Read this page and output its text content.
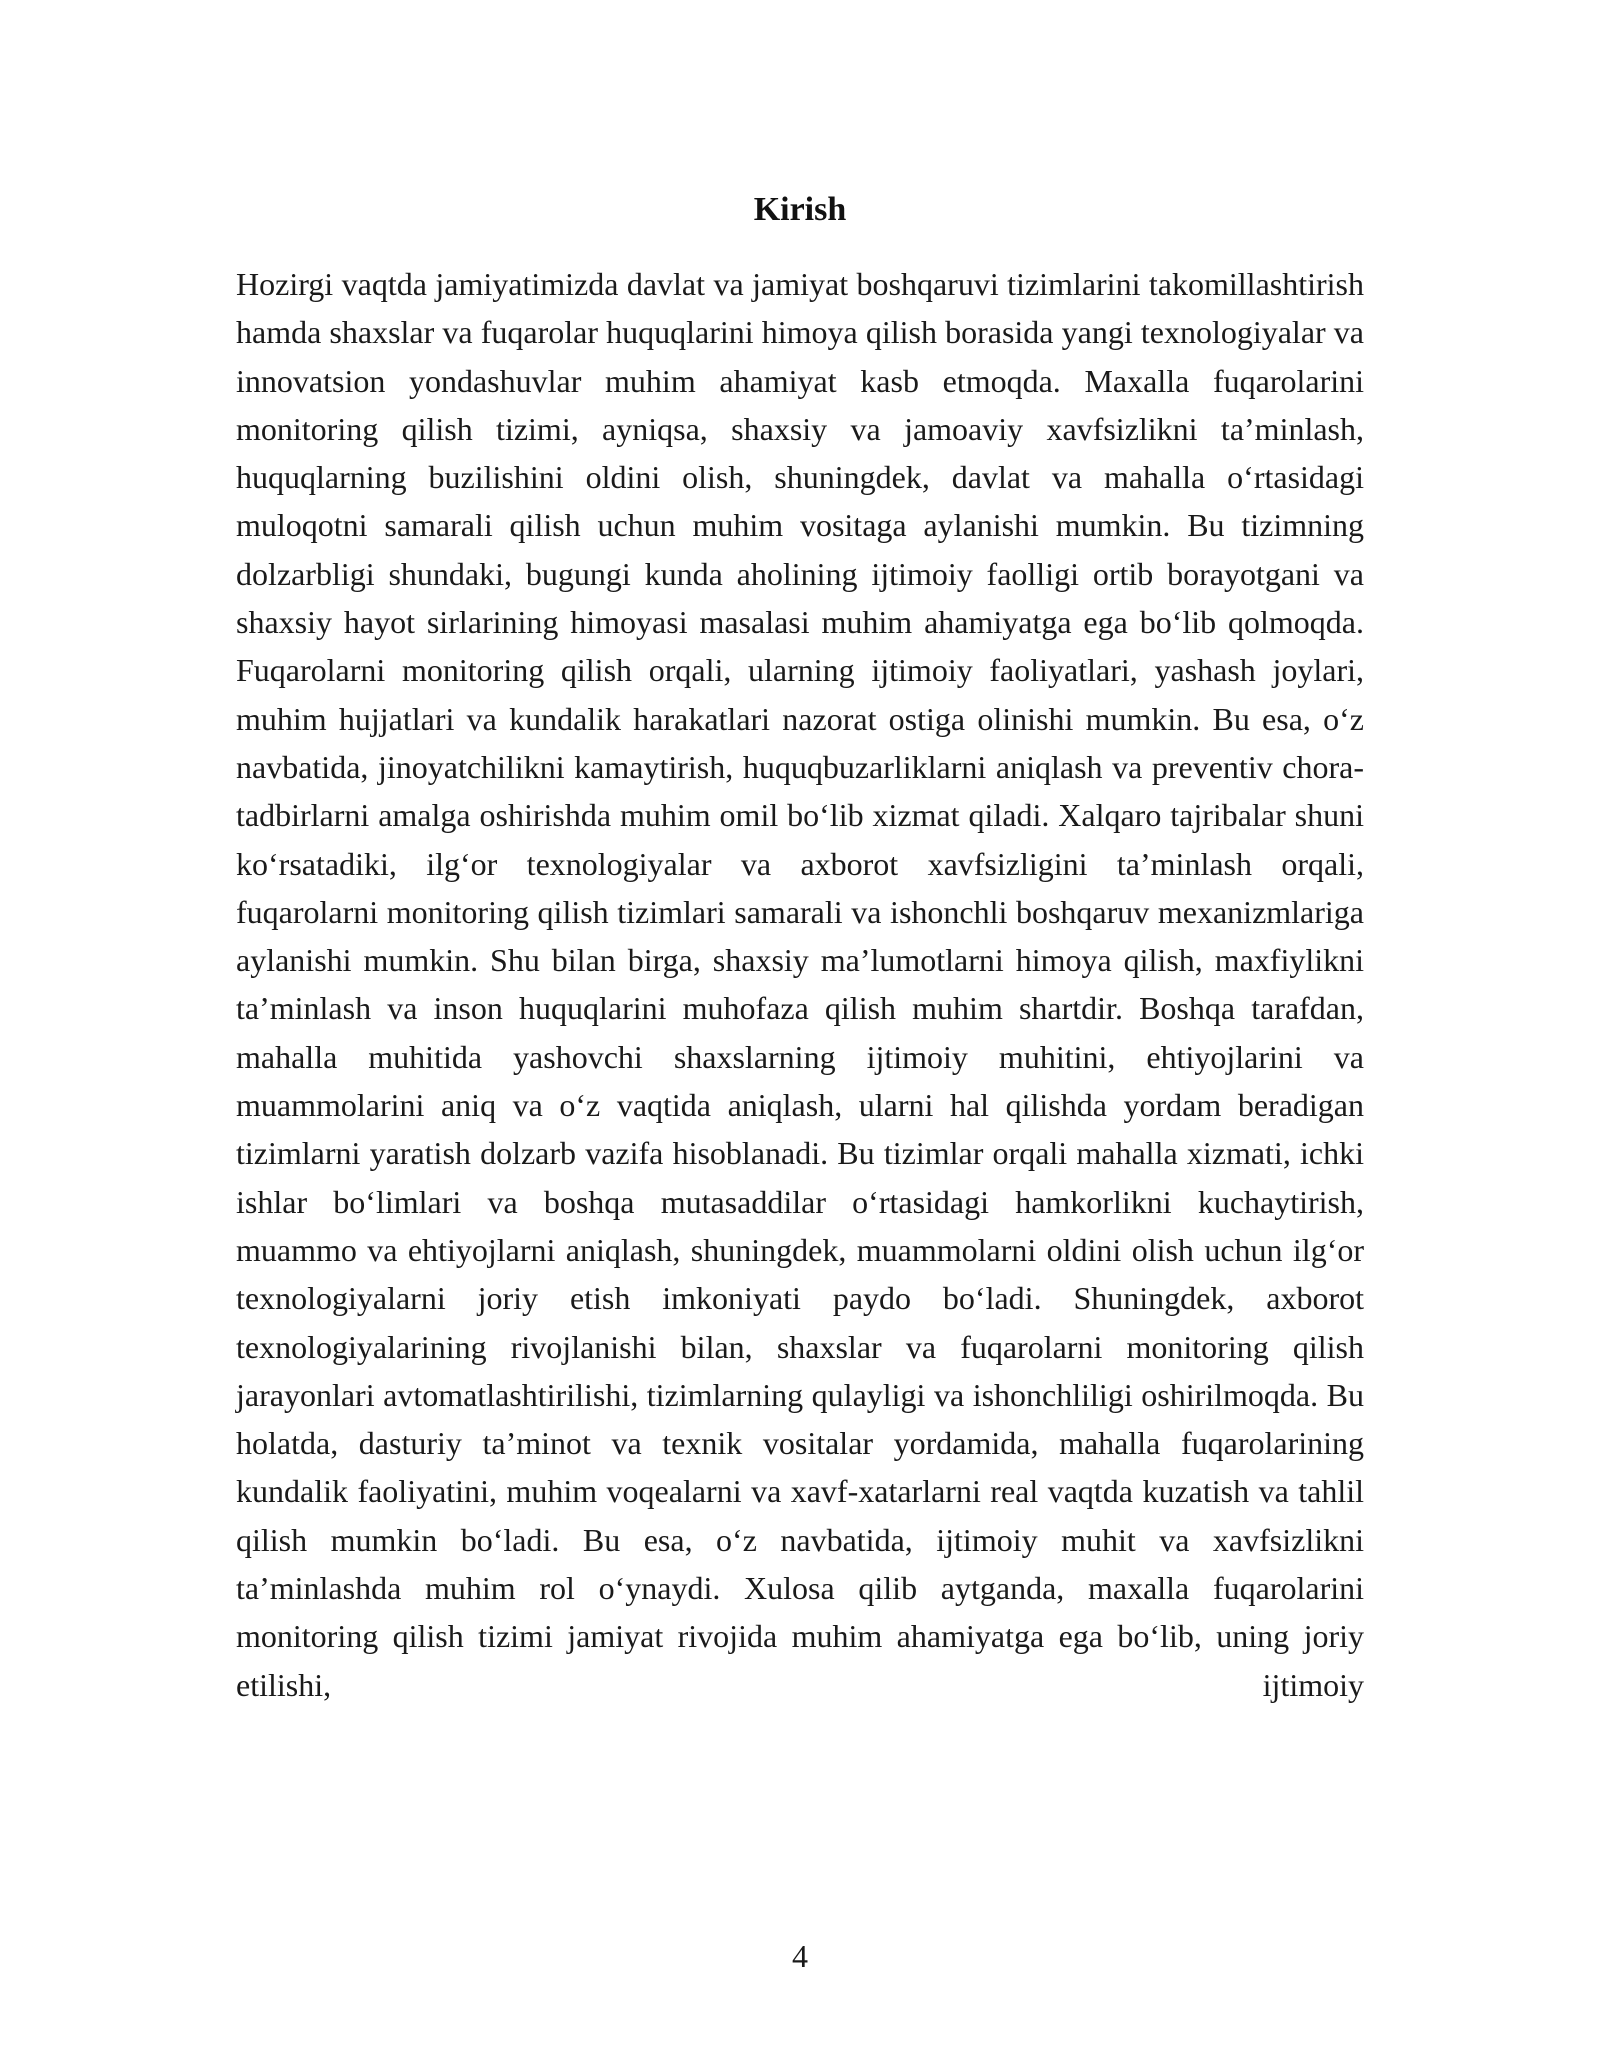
Kirish

Hozirgi vaqtda jamiyatimizda davlat va jamiyat boshqaruvi tizimlarini takomillashtirish hamda shaxslar va fuqarolar huquqlarini himoya qilish borasida yangi texnologiyalar va innovatsion yondashuvlar muhim ahamiyat kasb etmoqda. Maxalla fuqarolarini monitoring qilish tizimi, ayniqsa, shaxsiy va jamoaviy xavfsizlikni ta’minlash, huquqlarning buzilishini oldini olish, shuningdek, davlat va mahalla o‘rtasidagi muloqotni samarali qilish uchun muhim vositaga aylanishi mumkin. Bu tizimning dolzarbligi shundaki, bugungi kunda aholining ijtimoiy faolligi ortib borayotgani va shaxsiy hayot sirlarining himoyasi masalasi muhim ahamiyatga ega bo‘lib qolmoqda. Fuqarolarni monitoring qilish orqali, ularning ijtimoiy faoliyatlari, yashash joylari, muhim hujjatlari va kundalik harakatlari nazorat ostiga olinishi mumkin. Bu esa, o‘z navbatida, jinoyatchilikni kamaytirish, huquqbuzarliklarni aniqlash va preventiv chora-tadbirlarni amalga oshirishda muhim omil bo‘lib xizmat qiladi. Xalqaro tajribalar shuni ko‘rsatadiki, ilg‘or texnologiyalar va axborot xavfsizligini ta’minlash orqali, fuqarolarni monitoring qilish tizimlari samarali va ishonchli boshqaruv mexanizmlariga aylanishi mumkin. Shu bilan birga, shaxsiy ma’lumotlarni himoya qilish, maxfiylikni ta’minlash va inson huquqlarini muhofaza qilish muhim shartdir. Boshqa tarafdan, mahalla muhitida yashovchi shaxslarning ijtimoiy muhitini, ehtiyojlarini va muammolarini aniq va o‘z vaqtida aniqlash, ularni hal qilishda yordam beradigan tizimlarni yaratish dolzarb vazifa hisoblanadi. Bu tizimlar orqali mahalla xizmati, ichki ishlar bo‘limlari va boshqa mutasaddilar o‘rtasidagi hamkorlikni kuchaytirish, muammo va ehtiyojlarni aniqlash, shuningdek, muammolarni oldini olish uchun ilg‘or texnologiyalarni joriy etish imkoniyati paydo bo‘ladi. Shuningdek, axborot texnologiyalarining rivojlanishi bilan, shaxslar va fuqarolarni monitoring qilish jarayonlari avtomatlashtirilishi, tizimlarning qulayligi va ishonchliligi oshirilmoqda. Bu holatda, dasturiy ta’minot va texnik vositalar yordamida, mahalla fuqarolarining kundalik faoliyatini, muhim voqealarni va xavf-xatarlarni real vaqtda kuzatish va tahlil qilish mumkin bo‘ladi. Bu esa, o‘z navbatida, ijtimoiy muhit va xavfsizlikni ta’minlashda muhim rol o‘ynaydi. Xulosa qilib aytganda, maxalla fuqarolarini monitoring qilish tizimi jamiyat rivojida muhim ahamiyatga ega bo‘lib, uning joriy etilishi, ijtimoiy

4
